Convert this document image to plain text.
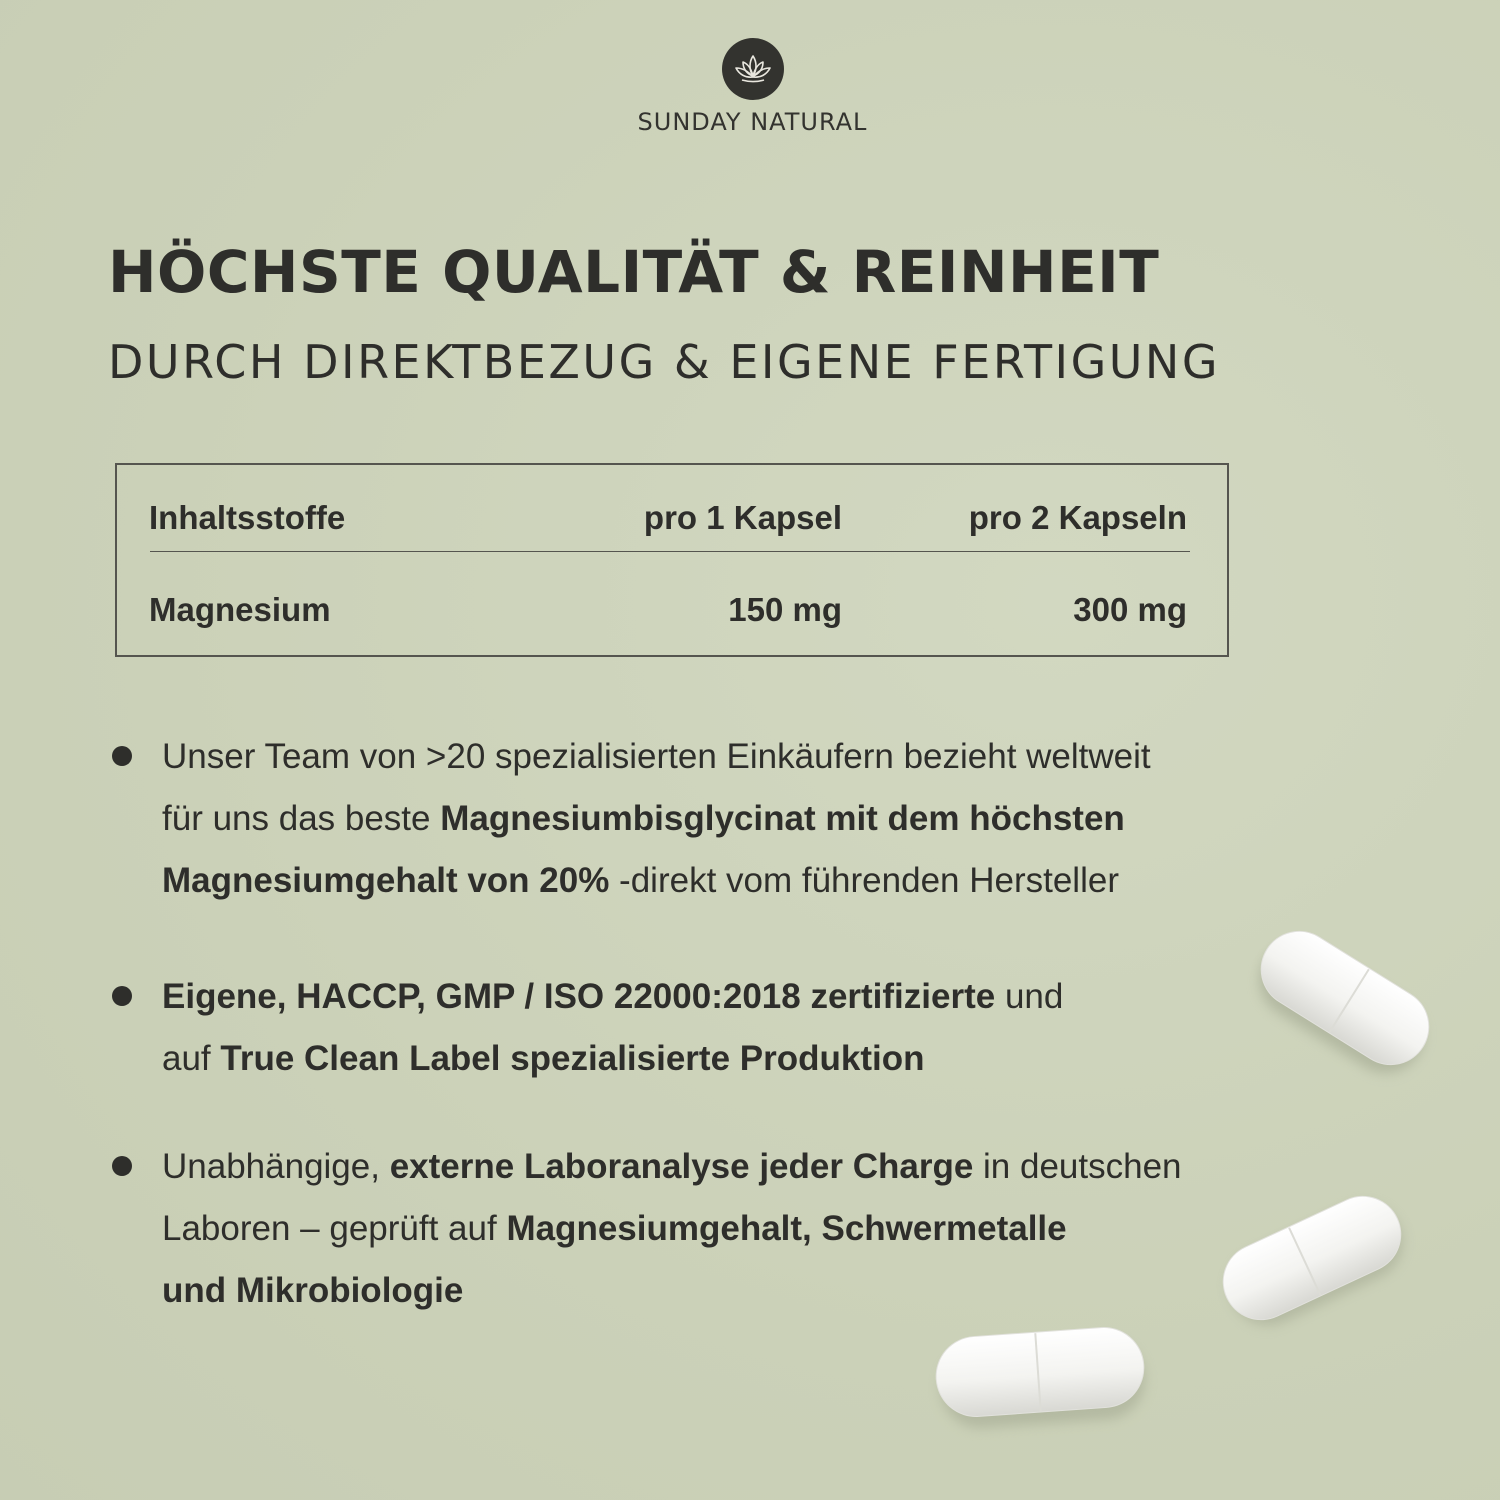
SUNDAY NATURAL
HÖCHSTE QUALITÄT & REINHEIT
DURCH DIREKTBEZUG & EIGENE FERTIGUNG
Inhaltsstoffe	pro 1 Kapsel	pro 2 Kapseln
Magnesium	150 mg	300 mg
Unser Team von >20 spezialisierten Einkäufern bezieht weltweit
für uns das beste Magnesiumbisglycinat mit dem höchsten
Magnesiumgehalt von 20% -direkt vom führenden Hersteller
Eigene, HACCP, GMP / ISO 22000:2018 zertifizierte und
auf True Clean Label spezialisierte Produktion
Unabhängige, externe Laboranalyse jeder Charge in deutschen
Laboren – geprüft auf Magnesiumgehalt, Schwermetalle
und Mikrobiologie
